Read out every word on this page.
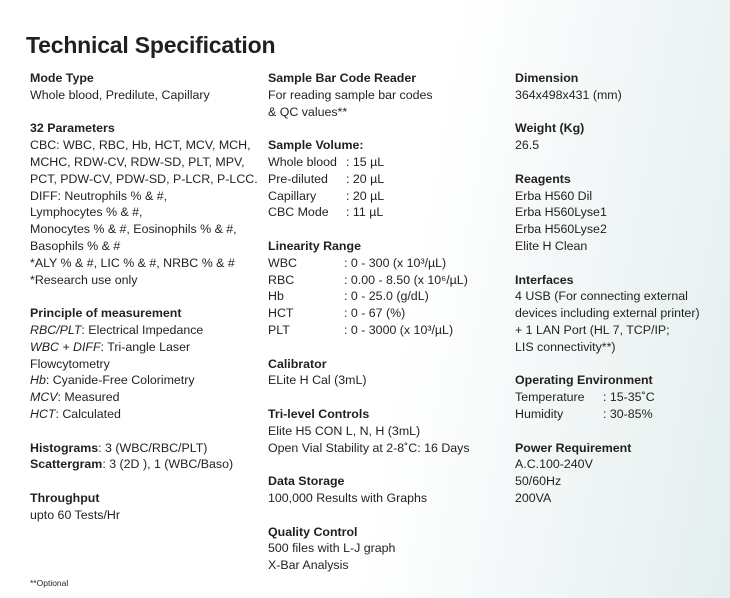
Technical Specification
Mode Type
Whole blood, Predilute, Capillary
32 Parameters
CBC: WBC, RBC, Hb, HCT, MCV, MCH,
MCHC, RDW-CV, RDW-SD, PLT, MPV,
PCT, PDW-CV, PDW-SD, P-LCR, P-LCC.
DIFF: Neutrophils % & #,
Lymphocytes % & #,
Monocytes % & #, Eosinophils % & #,
Basophils % & #
*ALY % & #, LIC % & #, NRBC % & #
*Research use only
Principle of measurement
RBC/PLT: Electrical Impedance
WBC + DIFF: Tri-angle Laser
Flowcytometry
Hb: Cyanide-Free Colorimetry
MCV: Measured
HCT: Calculated
Histograms: 3 (WBC/RBC/PLT)
Scattergram: 3 (2D ), 1 (WBC/Baso)
Throughput
upto 60 Tests/Hr
Sample Bar Code Reader
For reading sample bar codes
& QC values**
Sample Volume:
Whole blood : 15 µL
Pre-diluted	: 20 µL
Capillary	: 20 µL
CBC Mode	: 11 µL
Linearity Range
WBC	: 0 - 300 (x 10³/µL)
RBC	: 0.00 - 8.50 (x 10⁶/µL)
Hb	: 0 - 25.0 (g/dL)
HCT	: 0 - 67 (%)
PLT	: 0 - 3000 (x 10³/µL)
Calibrator
ELite H Cal (3mL)
Tri-level Controls
Elite H5 CON L, N, H (3mL)
Open Vial Stability at 2-8˚C: 16 Days
Data Storage
100,000 Results with Graphs
Quality Control
500 files with L-J graph
X-Bar Analysis
Dimension
364x498x431 (mm)
Weight (Kg)
26.5
Reagents
Erba H560 Dil
Erba H560Lyse1
Erba H560Lyse2
Elite H Clean
Interfaces
4 USB (For connecting external
devices including external printer)
+ 1 LAN Port (HL 7, TCP/IP;
LIS connectivity**)
Operating Environment
Temperature	: 15-35˚C
Humidity	: 30-85%
Power Requirement
A.C.100-240V
50/60Hz
200VA
**Optional
